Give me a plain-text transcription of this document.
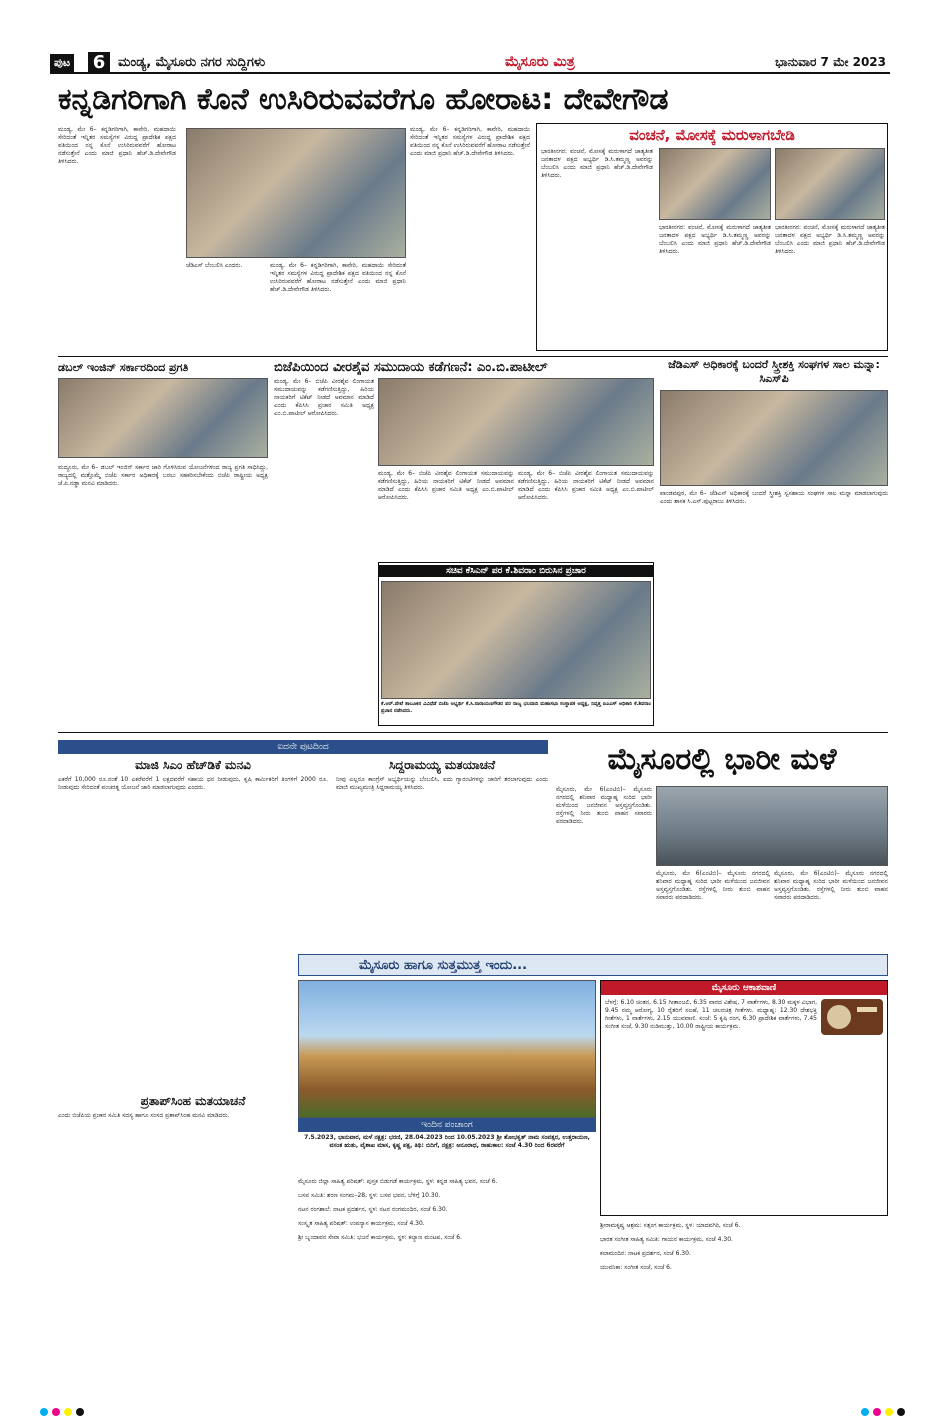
ಪುಟ 6 ಮಂಡ್ಯ, ಮೈಸೂರು ನಗರ ಸುದ್ದಿಗಳು	ಮೈಸೂರು ಮಿತ್ರ	ಭಾನುವಾರ 7 ಮೇ 2023
ಕನ್ನಡಿಗರಿಗಾಗಿ ಕೊನೆ ಉಸಿರಿರುವವರೆಗೂ ಹೋರಾಟ: ದೇವೇಗೌಡ
ಮಂಡ್ಯ, ಮೇ 6– ಕನ್ನಡಿಗರಿಗಾಗಿ, ಕಾವೇರಿ, ಮಹದಾಯಿ ಸೇರಿದಂತೆ ಇನ್ನಿತರ ಸಮಸ್ಯೆಗಳ ವಿರುದ್ಧ ಪ್ರಾದೇಶಿಕ ಪಕ್ಷದ ವತಿಯಿಂದ ನನ್ನ ಕೊನೆ ಉಸಿರಿರುವವರೆಗೆ ಹೋರಾಟ ನಡೆಸುತ್ತೇನೆ ಎಂದು ಮಾಜಿ ಪ್ರಧಾನಿ ಹೆಚ್.ಡಿ.ದೇವೇಗೌಡ ತಿಳಿಸಿದರು.
ಜೆಡಿಎಸ್ ಬೆಂಬಲಿಸಿ ಎಂದರು.	ಮಂಡ್ಯ, ಮೇ 6– ಕನ್ನಡಿಗರಿಗಾಗಿ, ಕಾವೇರಿ, ಮಹದಾಯಿ ಸೇರಿದಂತೆ ಇನ್ನಿತರ ಸಮಸ್ಯೆಗಳ ವಿರುದ್ಧ ಪ್ರಾದೇಶಿಕ ಪಕ್ಷದ ವತಿಯಿಂದ ನನ್ನ ಕೊನೆ ಉಸಿರಿರುವವರೆಗೆ ಹೋರಾಟ ನಡೆಸುತ್ತೇನೆ ಎಂದು ಮಾಜಿ ಪ್ರಧಾನಿ ಹೆಚ್.ಡಿ.ದೇವೇಗೌಡ ತಿಳಿಸಿದರು.
ಮಂಡ್ಯ, ಮೇ 6– ಕನ್ನಡಿಗರಿಗಾಗಿ, ಕಾವೇರಿ, ಮಹದಾಯಿ ಸೇರಿದಂತೆ ಇನ್ನಿತರ ಸಮಸ್ಯೆಗಳ ವಿರುದ್ಧ ಪ್ರಾದೇಶಿಕ ಪಕ್ಷದ ವತಿಯಿಂದ ನನ್ನ ಕೊನೆ ಉಸಿರಿರುವವರೆಗೆ ಹೋರಾಟ ನಡೆಸುತ್ತೇನೆ ಎಂದು ಮಾಜಿ ಪ್ರಧಾನಿ ಹೆಚ್.ಡಿ.ದೇವೇಗೌಡ ತಿಳಿಸಿದರು.
ವಂಚನೆ, ಮೋಸಕ್ಕೆ ಮರುಳಾಗಬೇಡಿ
ಭಾರತೀನಗರ: ವಂಚನೆ, ಮೋಸಕ್ಕೆ ಮರುಳಾಗದೆ ಜಾತ್ಯತೀತ ಜನತಾದಳ ಪಕ್ಷದ ಅಭ್ಯರ್ಥಿ ಡಿ.ಸಿ.ತಮ್ಮಣ್ಣ ಅವರನ್ನು ಬೆಂಬಲಿಸಿ ಎಂದು ಮಾಜಿ ಪ್ರಧಾನಿ ಹೆಚ್.ಡಿ.ದೇವೇಗೌಡ ತಿಳಿಸಿದರು.
ಭಾರತೀನಗರ: ವಂಚನೆ, ಮೋಸಕ್ಕೆ ಮರುಳಾಗದೆ ಜಾತ್ಯತೀತ ಜನತಾದಳ ಪಕ್ಷದ ಅಭ್ಯರ್ಥಿ ಡಿ.ಸಿ.ತಮ್ಮಣ್ಣ ಅವರನ್ನು ಬೆಂಬಲಿಸಿ ಎಂದು ಮಾಜಿ ಪ್ರಧಾನಿ ಹೆಚ್.ಡಿ.ದೇವೇಗೌಡ ತಿಳಿಸಿದರು.
ಭಾರತೀನಗರ: ವಂಚನೆ, ಮೋಸಕ್ಕೆ ಮರುಳಾಗದೆ ಜಾತ್ಯತೀತ ಜನತಾದಳ ಪಕ್ಷದ ಅಭ್ಯರ್ಥಿ ಡಿ.ಸಿ.ತಮ್ಮಣ್ಣ ಅವರನ್ನು ಬೆಂಬಲಿಸಿ ಎಂದು ಮಾಜಿ ಪ್ರಧಾನಿ ಹೆಚ್.ಡಿ.ದೇವೇಗೌಡ ತಿಳಿಸಿದರು.
ಡಬಲ್ ಇಂಜಿನ್ ಸರ್ಕಾರದಿಂದ ಪ್ರಗತಿ
ಮದ್ದೂರು, ಮೇ 6– ಡಬಲ್ ಇಂಜಿನ್ ಸರ್ಕಾರ ಜಾರಿ ಗೊಳಿಸಿರುವ ಯೋಜನೆಗಳಿಂದ ರಾಜ್ಯ ಪ್ರಗತಿ ಸಾಧಿಸಿದ್ದು, ರಾಜ್ಯದಲ್ಲಿ ಮತ್ತೊಮ್ಮೆ ಬಿಜೆಪಿ ಸರ್ಕಾರ ಅಧಿಕಾರಕ್ಕೆ ಬರಲು ಸಹಕರಿಸಬೇಕೆಂದು ಬಿಜೆಪಿ ರಾಷ್ಟ್ರೀಯ ಅಧ್ಯಕ್ಷ ಜೆ.ಪಿ.ನಡ್ಡಾ ಮನವಿ ಮಾಡಿದರು.
ಬಿಜೆಪಿಯಿಂದ ವೀರಶೈವ ಸಮುದಾಯ ಕಡೆಗಣನೆ: ಎಂ.ಬಿ.ಪಾಟೀಲ್
ಮಂಡ್ಯ, ಮೇ 6– ಬಿಜೆಪಿ ವೀರಶೈವ ಲಿಂಗಾಯತ ಸಮುದಾಯವನ್ನು ಕಡೆಗಣಿಸುತ್ತಿದ್ದು, ಹಿರಿಯ ನಾಯಕರಿಗೆ ಟಿಕೆಟ್ ನೀಡದೆ ಅವಮಾನ ಮಾಡಿದೆ ಎಂದು ಕೆಪಿಸಿಸಿ ಪ್ರಚಾರ ಸಮಿತಿ ಅಧ್ಯಕ್ಷ ಎಂ.ಬಿ.ಪಾಟೀಲ್ ಆರೋಪಿಸಿದರು.
ಮಂಡ್ಯ, ಮೇ 6– ಬಿಜೆಪಿ ವೀರಶೈವ ಲಿಂಗಾಯತ ಸಮುದಾಯವನ್ನು ಕಡೆಗಣಿಸುತ್ತಿದ್ದು, ಹಿರಿಯ ನಾಯಕರಿಗೆ ಟಿಕೆಟ್ ನೀಡದೆ ಅವಮಾನ ಮಾಡಿದೆ ಎಂದು ಕೆಪಿಸಿಸಿ ಪ್ರಚಾರ ಸಮಿತಿ ಅಧ್ಯಕ್ಷ ಎಂ.ಬಿ.ಪಾಟೀಲ್ ಆರೋಪಿಸಿದರು.
ಮಂಡ್ಯ, ಮೇ 6– ಬಿಜೆಪಿ ವೀರಶೈವ ಲಿಂಗಾಯತ ಸಮುದಾಯವನ್ನು ಕಡೆಗಣಿಸುತ್ತಿದ್ದು, ಹಿರಿಯ ನಾಯಕರಿಗೆ ಟಿಕೆಟ್ ನೀಡದೆ ಅವಮಾನ ಮಾಡಿದೆ ಎಂದು ಕೆಪಿಸಿಸಿ ಪ್ರಚಾರ ಸಮಿತಿ ಅಧ್ಯಕ್ಷ ಎಂ.ಬಿ.ಪಾಟೀಲ್ ಆರೋಪಿಸಿದರು.
ಸಚಿವ ಕೆಸಿಎನ್ ಪರ ಕೆ.ಶಿವರಾಂ ಬಿರುಸಿನ ಪ್ರಚಾರ
ಕೆ.ಆರ್.ಪೇಟೆ ತಾಲೂಕಿನ ವಿವಿಧೆಡೆ ಬಿಜೆಪಿ ಅಭ್ಯರ್ಥಿ ಕೆ.ಸಿ.ನಾರಾಯಣಗೌಡರ ಪರ ರಾಜ್ಯ ಛಲವಾದಿ ಮಹಾಸಭಾ ಸಂಸ್ಥಾಪಕ ಅಧ್ಯಕ್ಷ, ನಿವೃತ್ತ ಐಎಎಸ್ ಅಧಿಕಾರಿ ಕೆ.ಶಿವರಾಂ ಪ್ರಚಾರ ನಡೆಸಿದರು.
ಜೆಡಿಎಸ್ ಅಧಿಕಾರಕ್ಕೆ ಬಂದರೆ ಸ್ತ್ರೀಶಕ್ತಿ ಸಂಘಗಳ ಸಾಲ ಮನ್ನಾ: ಸಿಎಸ್‌ಪಿ
ಪಾಂಡವಪುರ, ಮೇ 6– ಜೆಡಿಎಸ್ ಅಧಿಕಾರಕ್ಕೆ ಬಂದರೆ ಸ್ತ್ರೀಶಕ್ತಿ ಸ್ವಸಹಾಯ ಸಂಘಗಳ ಸಾಲ ಮನ್ನಾ ಮಾಡಲಾಗುವುದು ಎಂದು ಶಾಸಕ ಸಿ.ಎಸ್.ಪುಟ್ಟರಾಜು ತಿಳಿಸಿದರು.
ಐದನೇ ಪುಟದಿಂದ
ಮಾಜಿ ಸಿಎಂ ಹೆಚ್‌ಡಿಕೆ ಮನವಿ
ಎಕರೆಗೆ 10,000 ರೂ.ನಂತೆ 10 ಎಕರೆವರೆಗೆ 1 ಲಕ್ಷದವರೆಗೆ ಸಹಾಯ ಧನ ನೀಡುವುದು, ಕೃಷಿ ಕಾರ್ಮಿಕರಿಗೆ ತಿಂಗಳಿಗೆ 2000 ರೂ. ನೀಡುವುದು ಸೇರಿದಂತೆ ಪಂಚರತ್ನ ಯೋಜನೆ ಜಾರಿ ಮಾಡಲಾಗುವುದು ಎಂದರು.
ಪ್ರತಾಪ್‌ಸಿಂಹ ಮತಯಾಚನೆ
ಎಂದು ಬಿಜೆಪಿಯ ಪ್ರಚಾರ ಸಮಿತಿ ಸದಸ್ಯ ಹಾಗೂ ಸಂಸದ ಪ್ರತಾಪ್‌ಸಿಂಹ ಮನವಿ ಮಾಡಿದರು.
ಸಿದ್ದರಾಮಯ್ಯ ಮತಯಾಚನೆ
ನೀವು ಎಲ್ಲರೂ ಕಾಂಗ್ರೆಸ್ ಅಭ್ಯರ್ಥಿಯನ್ನು ಬೆಂಬಲಿಸಿ, ಐದು ಗ್ಯಾರಂಟಿಗಳನ್ನು ಜಾರಿಗೆ ತರಲಾಗುವುದು ಎಂದು ಮಾಜಿ ಮುಖ್ಯಮಂತ್ರಿ ಸಿದ್ದರಾಮಯ್ಯ ತಿಳಿಸಿದರು.
ಮೈಸೂರಲ್ಲಿ ಭಾರೀ ಮಳೆ
ಮೈಸೂರು, ಮೇ 6(ಎಂಟಿಬಿ)– ಮೈಸೂರು ನಗರದಲ್ಲಿ ಶನಿವಾರ ಮಧ್ಯಾಹ್ನ ಸುರಿದ ಭಾರೀ ಮಳೆಯಿಂದ ಜನಜೀವನ ಅಸ್ತವ್ಯಸ್ತಗೊಂಡಿತು. ರಸ್ತೆಗಳಲ್ಲಿ ನೀರು ತುಂಬಿ ವಾಹನ ಸವಾರರು ಪರದಾಡಿದರು.
ಮೈಸೂರು, ಮೇ 6(ಎಂಟಿಬಿ)– ಮೈಸೂರು ನಗರದಲ್ಲಿ ಶನಿವಾರ ಮಧ್ಯಾಹ್ನ ಸುರಿದ ಭಾರೀ ಮಳೆಯಿಂದ ಜನಜೀವನ ಅಸ್ತವ್ಯಸ್ತಗೊಂಡಿತು. ರಸ್ತೆಗಳಲ್ಲಿ ನೀರು ತುಂಬಿ ವಾಹನ ಸವಾರರು ಪರದಾಡಿದರು.
ಮೈಸೂರು, ಮೇ 6(ಎಂಟಿಬಿ)– ಮೈಸೂರು ನಗರದಲ್ಲಿ ಶನಿವಾರ ಮಧ್ಯಾಹ್ನ ಸುರಿದ ಭಾರೀ ಮಳೆಯಿಂದ ಜನಜೀವನ ಅಸ್ತವ್ಯಸ್ತಗೊಂಡಿತು. ರಸ್ತೆಗಳಲ್ಲಿ ನೀರು ತುಂಬಿ ವಾಹನ ಸವಾರರು ಪರದಾಡಿದರು.
ಮೈಸೂರು ಹಾಗೂ ಸುತ್ತಮುತ್ತ ಇಂದು...
ಇಂದಿನ ಪಂಚಾಂಗ
7.5.2023, ಭಾನುವಾರ, ಮಳೆ ನಕ್ಷತ್ರ: ಭರಣಿ, 28.04.2023 ರಿಂದ 10.05.2023 ಶ್ರೀ ಶೋಭಕೃತ್ ನಾಮ ಸಂವತ್ಸರ, ಉತ್ತರಾಯಣ, ವಸಂತ ಋತು, ವೈಶಾಖ ಮಾಸ, ಕೃಷ್ಣ ಪಕ್ಷ, ತಿಥಿ: ಬಿದಿಗೆ, ನಕ್ಷತ್ರ: ಅನೂರಾಧ, ರಾಹುಕಾಲ: ಸಂಜೆ 4.30 ರಿಂದ 6ರವರೆಗೆ
ಮೈಸೂರು ಜಿಲ್ಲಾ ಸಾಹಿತ್ಯ ಪರಿಷತ್: ಪುಸ್ತಕ ಬಿಡುಗಡೆ ಕಾರ್ಯಕ್ರಮ, ಸ್ಥಳ: ಕನ್ನಡ ಸಾಹಿತ್ಯ ಭವನ, ಸಂಜೆ 6.
ಬಸವ ಸಮಿತಿ: ಶರಣ ಸಂಗಮ–28, ಸ್ಥಳ: ಬಸವ ಭವನ, ಬೆಳಿಗ್ಗೆ 10.30.
ನಟನ ರಂಗಶಾಲೆ: ನಾಟಕ ಪ್ರದರ್ಶನ, ಸ್ಥಳ: ನಟನ ರಂಗಮಂದಿರ, ಸಂಜೆ 6.30.
ಸಂಸ್ಕೃತ ಸಾಹಿತ್ಯ ಪರಿಷತ್: ಉಪನ್ಯಾಸ ಕಾರ್ಯಕ್ರಮ, ಸಂಜೆ 4.30.
ಶ್ರೀ ಬೃಂದಾವನ ಸೇವಾ ಸಮಿತಿ: ಭಜನೆ ಕಾರ್ಯಕ್ರಮ, ಸ್ಥಳ: ಕಲ್ಯಾಣ ಮಂಟಪ, ಸಂಜೆ 6.
ಮೈಸೂರು ಆಕಾಶವಾಣಿ
ಬೆಳಗ್ಗೆ: 6.10 ಚಿಂತನ, 6.15 ಗೀತಾಂಜಲಿ, 6.35 ವಾರದ ವಿಶೇಷ, 7 ವಾರ್ತೆಗಳು, 8.30 ಮಕ್ಕಳ ವಿಭಾಗ, 9.45 ನಮ್ಮ ಆರೋಗ್ಯ, 10 ರೈತರಿಗೆ ಸಲಹೆ, 11 ಚಲನಚಿತ್ರ ಗೀತೆಗಳು. ಮಧ್ಯಾಹ್ನ: 12.30 ದೇಶಭಕ್ತಿ ಗೀತೆಗಳು, 1 ವಾರ್ತೆಗಳು, 2.15 ಯುವವಾಣಿ. ಸಂಜೆ: 5 ಕೃಷಿ ರಂಗ, 6.30 ಪ್ರಾದೇಶಿಕ ವಾರ್ತೆಗಳು, 7.45 ಸಂಗೀತ ಸಂಜೆ, 9.30 ನುಡಿಮುತ್ತು, 10.00 ರಾಷ್ಟ್ರೀಯ ಕಾರ್ಯಕ್ರಮ.
ಶ್ರೀರಾಮಕೃಷ್ಣ ಆಶ್ರಮ: ಸತ್ಸಂಗ ಕಾರ್ಯಕ್ರಮ, ಸ್ಥಳ: ಯಾದವಗಿರಿ, ಸಂಜೆ 6.
ಭಾರತ ಸಂಗೀತ ಸಾಹಿತ್ಯ ಸಮಿತಿ: ಗಾಯನ ಕಾರ್ಯಕ್ರಮ, ಸಂಜೆ 4.30.
ಕಲಾಮಂದಿರ: ನಾಟಕ ಪ್ರದರ್ಶನ, ಸಂಜೆ 6.30.
ಯುವನಿಕಾ: ಸಂಗೀತ ಸಂಜೆ, ಸಂಜೆ 6.
